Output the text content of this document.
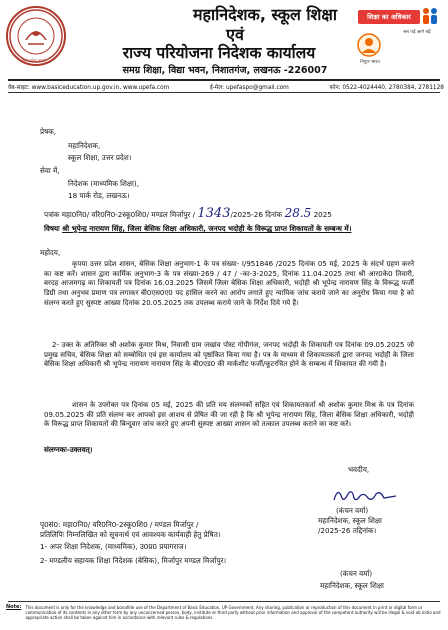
उत्तर प्रदेश शासन
महानिदेशक, स्कूल शिक्षा
एवं
राज्य परियोजना निदेशक कार्यालय
समग्र शिक्षा, विद्या भवन, निशातगंज, लखनऊ -226007
शिक्षा का अधिकार
सब पढ़ें आगे बढ़ें
निपुण भारत
वेब-साइट: www.basiceducation.up.gov.in, www.upefa.com	ई-मेल: upefaspo@gmail.com	फोन: 0522-4024440, 2780384, 2781128
प्रेषक,
महानिदेशक,
स्कूल शिक्षा, उत्तर प्रदेश।
सेवा में,
निदेशक (माध्यमिक शिक्षा),
18 पार्क रोड, लखनऊ।
पत्रांक महा0नि0/ वरि0नि0-2स्कू0शि0/ मण्डल मिर्जापुर / 1343/2025-26 दिनांक 28.5 2025
विषयः श्री भूपेन्द्र नारायण सिंह, जिला बेसिक शिक्षा अधिकारी, जनपद भदोही के विरूद्ध प्राप्त शिकायतों के सम्बन्ध में।
महोदय,
कृपया उत्तर प्रदेश शासन, बेसिक शिक्षा अनुभाग-1 के पत्र संख्या- I/951846 /2025 दिनांक 05 मई, 2025 के संदर्भ ग्रहण करने का कष्ट करें। शासन द्वारा कार्मिक अनुभाग-3 के पत्र संख्या-269 / 47 / -का-3-2025, दिनांक 11.04.2025 तथा श्री आर0के0 तिवारी, बरदह आजमगढ़ का शिकायती पत्र दिनांक 16.03.2025 जिसमें जिला बेसिक शिक्षा अधिकारी, भदोही श्री भूपेन्द्र नारायण सिंह के विरूद्ध फर्जी डिग्री तथा अनुभव प्रमाण पत्र लगाकर बी0एस0ए0 पद हासिल करने का आरोप लगाते हुए न्यायिक जांच कराये जाने का अनुरोध किया गया है को संलग्न करते हुए सुस्पष्ट आख्या दिनांक 20.05.2025 तक उपलब्ध कराये जाने के निर्देश दिये गये हैं।
2- उक्त के अतिरिक्त श्री अशोक कुमार मिश्र, निवासी ग्राम जखांव पोस्ट गोपीगंज, जनपद भदोही के शिकायती पत्र दिनांक 09.05.2025 जो प्रमुख सचिव, बेसिक शिक्षा को सम्बोधित एवं इस कार्यालय को पृष्ठांकित किया गया है। पत्र के माध्यम से शिकायतकर्ता द्वारा जनपद भदोही के जिला बेसिक शिक्षा अधिकारी श्री भूपेन्द्र नारायण नारायण सिंह के बी0एड0 की मार्कशीट फर्जी/कूटरचित होने के सम्बन्ध में शिकायत की गयी है।
शासन के उपरोक्त पत्र दिनांक 05 मई, 2025 की प्रति मय संलग्नकों सहित एवं शिकायतकर्ता श्री अशोक कुमार मिश्र के पत्र दिनांक 09.05.2025 की प्रति संलग्न कर आपको इस आशय से प्रेषित की जा रही है कि श्री भूपेन्द्र नारायण सिंह, जिला बेसिक शिक्षा अधिकारी, भदोही के विरूद्ध प्राप्त शिकायतों की बिन्दुवार जांच करते हुए अपनी सुस्पष्ट आख्या शासन को तत्काल उपलब्ध कराने का कष्ट करें।
संलग्नकः-उक्तवत्।
भवदीय,
(कंचन वर्मा)
महानिदेशक, स्कूल शिक्षा
/2025-26 तद्दिनांक।
पृ0सं0: महा0नि0/ वरि0नि0-2स्कू0शि0 / मण्डल मिर्जापुर /
प्रतिलिपिः निम्नलिखित को सूचनार्थ एवं आवश्यक कार्यवाही हेतु प्रेषित।
1- अपर शिक्षा निदेशक, (माध्यमिक), उ0प्र0 प्रयागराज।
2- मण्डलीय सहायक शिक्षा निदेशक (बेसिक), मिर्जापुर मण्डल मिर्जापुर।
(कंचन वर्मा)
महानिदेशक, स्कूल शिक्षा
Note: This document is only for the knowledge and bonafide use of the Department of Basic Education, UP Government. Any sharing, publication or reproduction of this document in print or digital form or communication of its contents in any other form by any unconcerned person, body, institute or third party without prior information and approval of the competent authority will be illegal & void ab initio and appropriate action shall be taken against him in accordance with relevant rules & regulations.
